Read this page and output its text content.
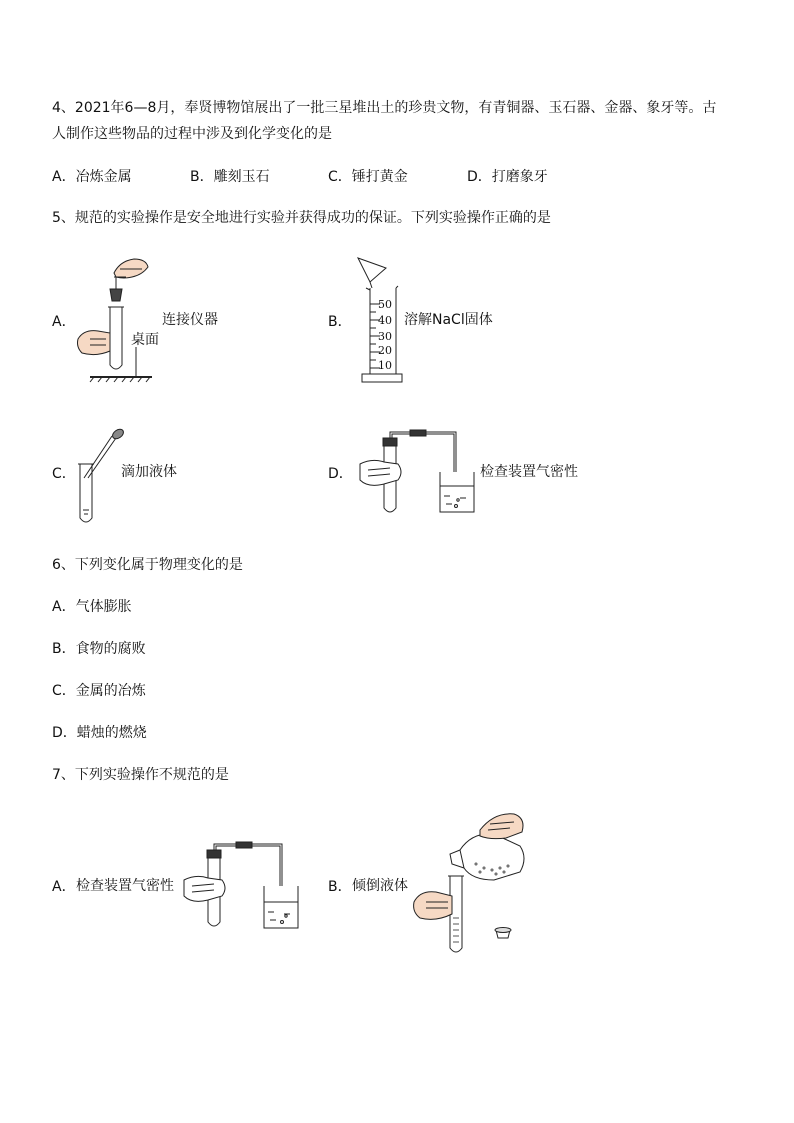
4、2021年6—8月，奉贤博物馆展出了一批三星堆出土的珍贵文物，有青铜器、玉石器、金器、象牙等。古
人制作这些物品的过程中涉及到化学变化的是
A．冶炼金属	B．雕刻玉石	C．锤打黄金	D．打磨象牙
5、规范的实验操作是安全地进行实验并获得成功的保证。下列实验操作正确的是
A．	连接仪器
桌面
B．
50
40
30
20
10
溶解NaCl固体
C．	滴加液体	D．	检查装置气密性
6、下列变化属于物理变化的是
A．气体膨胀
B．食物的腐败
C．金属的冶炼
D．蜡烛的燃烧
7、下列实验操作不规范的是
A． 检查装置气密性	B． 倾倒液体
